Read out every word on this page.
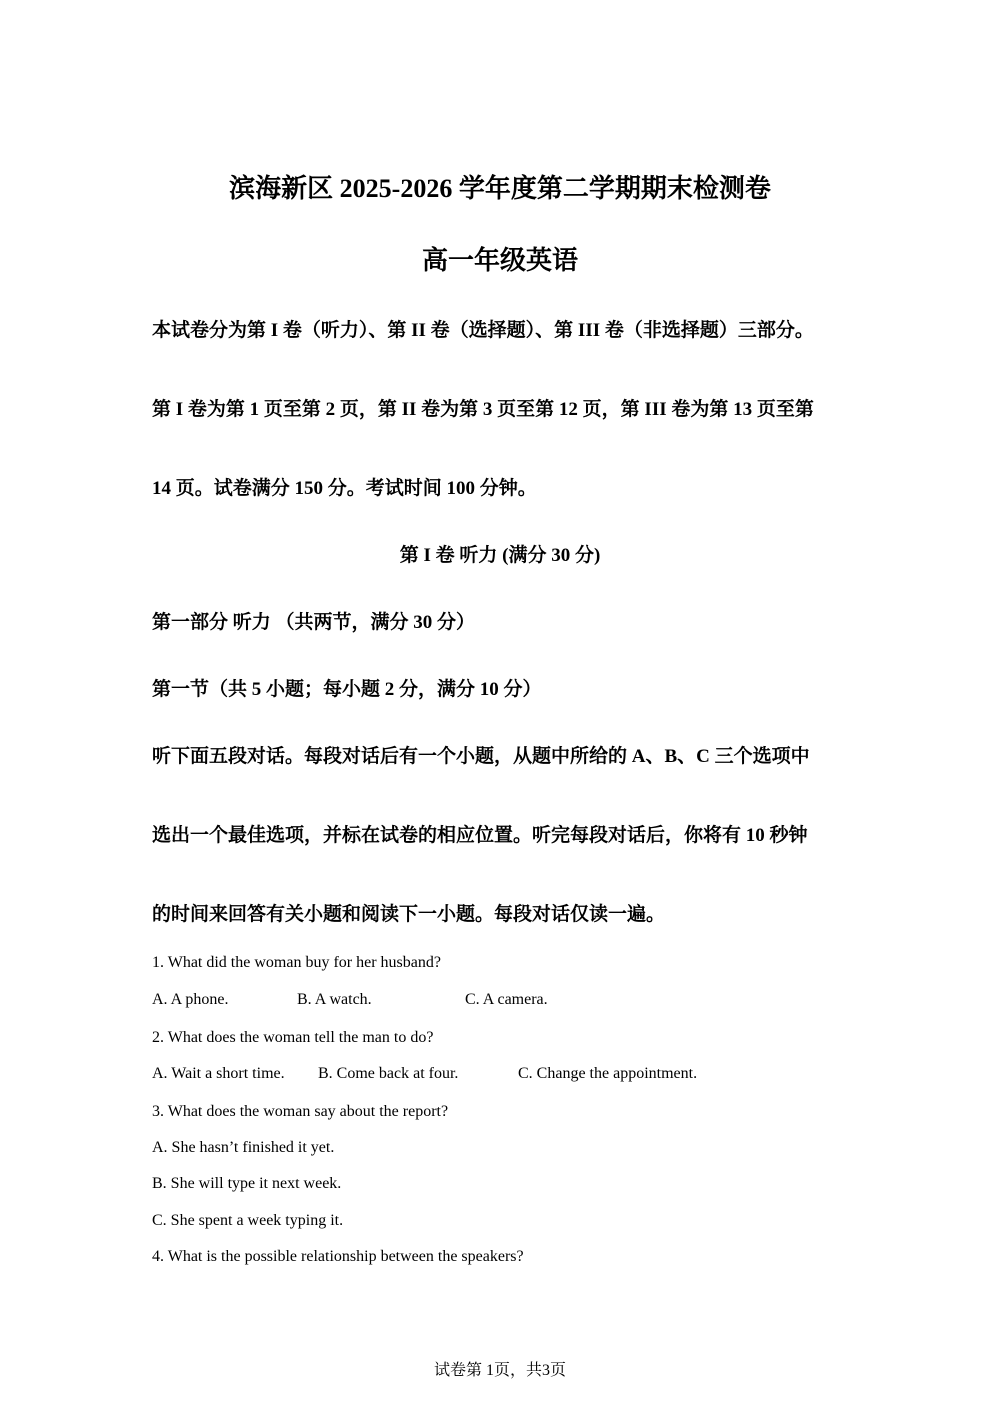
滨海新区 2025-2026 学年度第二学期期末检测卷
高一年级英语
本试卷分为第 I 卷（听力）、第 II 卷（选择题）、第 III 卷（非选择题）三部分。
第 I 卷为第 1 页至第 2 页，第 II 卷为第 3 页至第 12 页，第 III 卷为第 13 页至第
14 页。试卷满分 150 分。考试时间 100 分钟。
第 I 卷 听力 (满分 30 分)
第一部分 听力 （共两节，满分 30 分）
第一节（共 5 小题；每小题 2 分，满分 10 分）
听下面五段对话。每段对话后有一个小题，从题中所给的 A、B、C 三个选项中
选出一个最佳选项，并标在试卷的相应位置。听完每段对话后，你将有 10 秒钟
的时间来回答有关小题和阅读下一小题。每段对话仅读一遍。
1. What did the woman buy for her husband?
A. A phone.	B. A watch.	C. A camera.
2. What does the woman tell the man to do?
A. Wait a short time. B. Come back at four.	C. Change the appointment.
3. What does the woman say about the report?
A. She hasn’t finished it yet.
B. She will type it next week.
C. She spent a week typing it.
4. What is the possible relationship between the speakers?
试卷第 1页，共3页
